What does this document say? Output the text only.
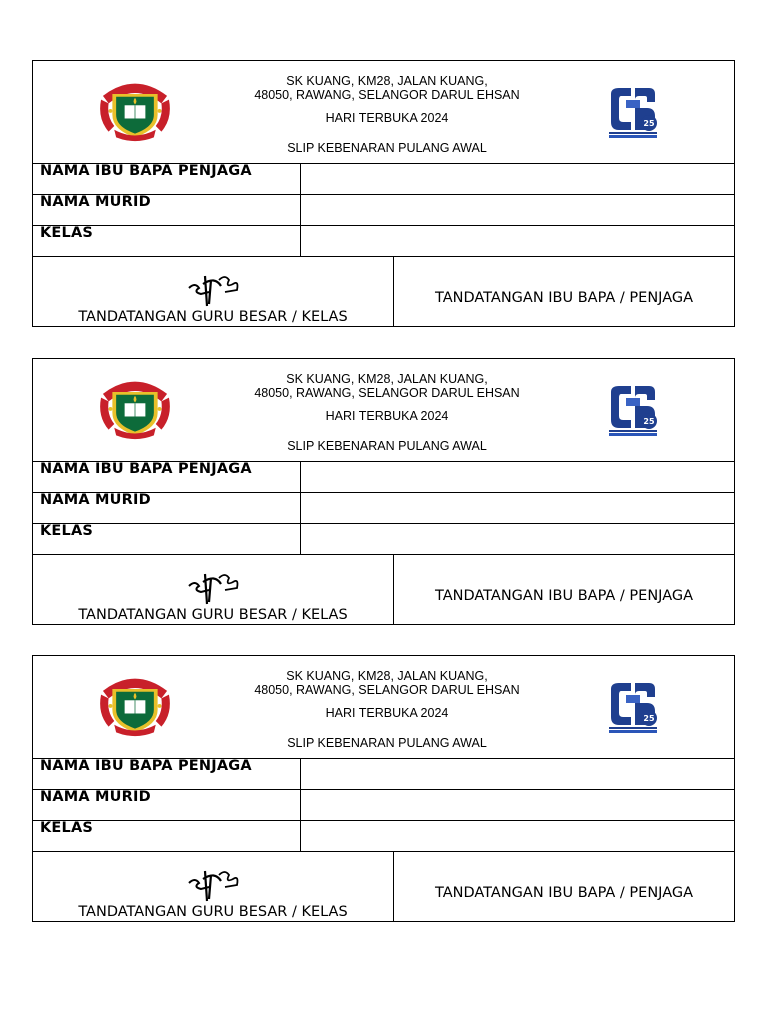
SK KUANG, KM28, JALAN KUANG,
48050, RAWANG, SELANGOR DARUL EHSAN
HARI TERBUKA 2024
SLIP KEBENARAN PULANG AWAL
NAMA IBU BAPA PENJAGA
NAMA MURID
KELAS
TANDATANGAN GURU BESAR / KELAS
TANDATANGAN IBU BAPA / PENJAGA
SK KUANG, KM28, JALAN KUANG,
48050, RAWANG, SELANGOR DARUL EHSAN
HARI TERBUKA 2024
SLIP KEBENARAN PULANG AWAL
NAMA IBU BAPA PENJAGA
NAMA MURID
KELAS
TANDATANGAN GURU BESAR / KELAS
TANDATANGAN IBU BAPA / PENJAGA
SK KUANG, KM28, JALAN KUANG,
48050, RAWANG, SELANGOR DARUL EHSAN
HARI TERBUKA 2024
SLIP KEBENARAN PULANG AWAL
NAMA IBU BAPA PENJAGA
NAMA MURID
KELAS
TANDATANGAN GURU BESAR / KELAS
TANDATANGAN IBU BAPA / PENJAGA
